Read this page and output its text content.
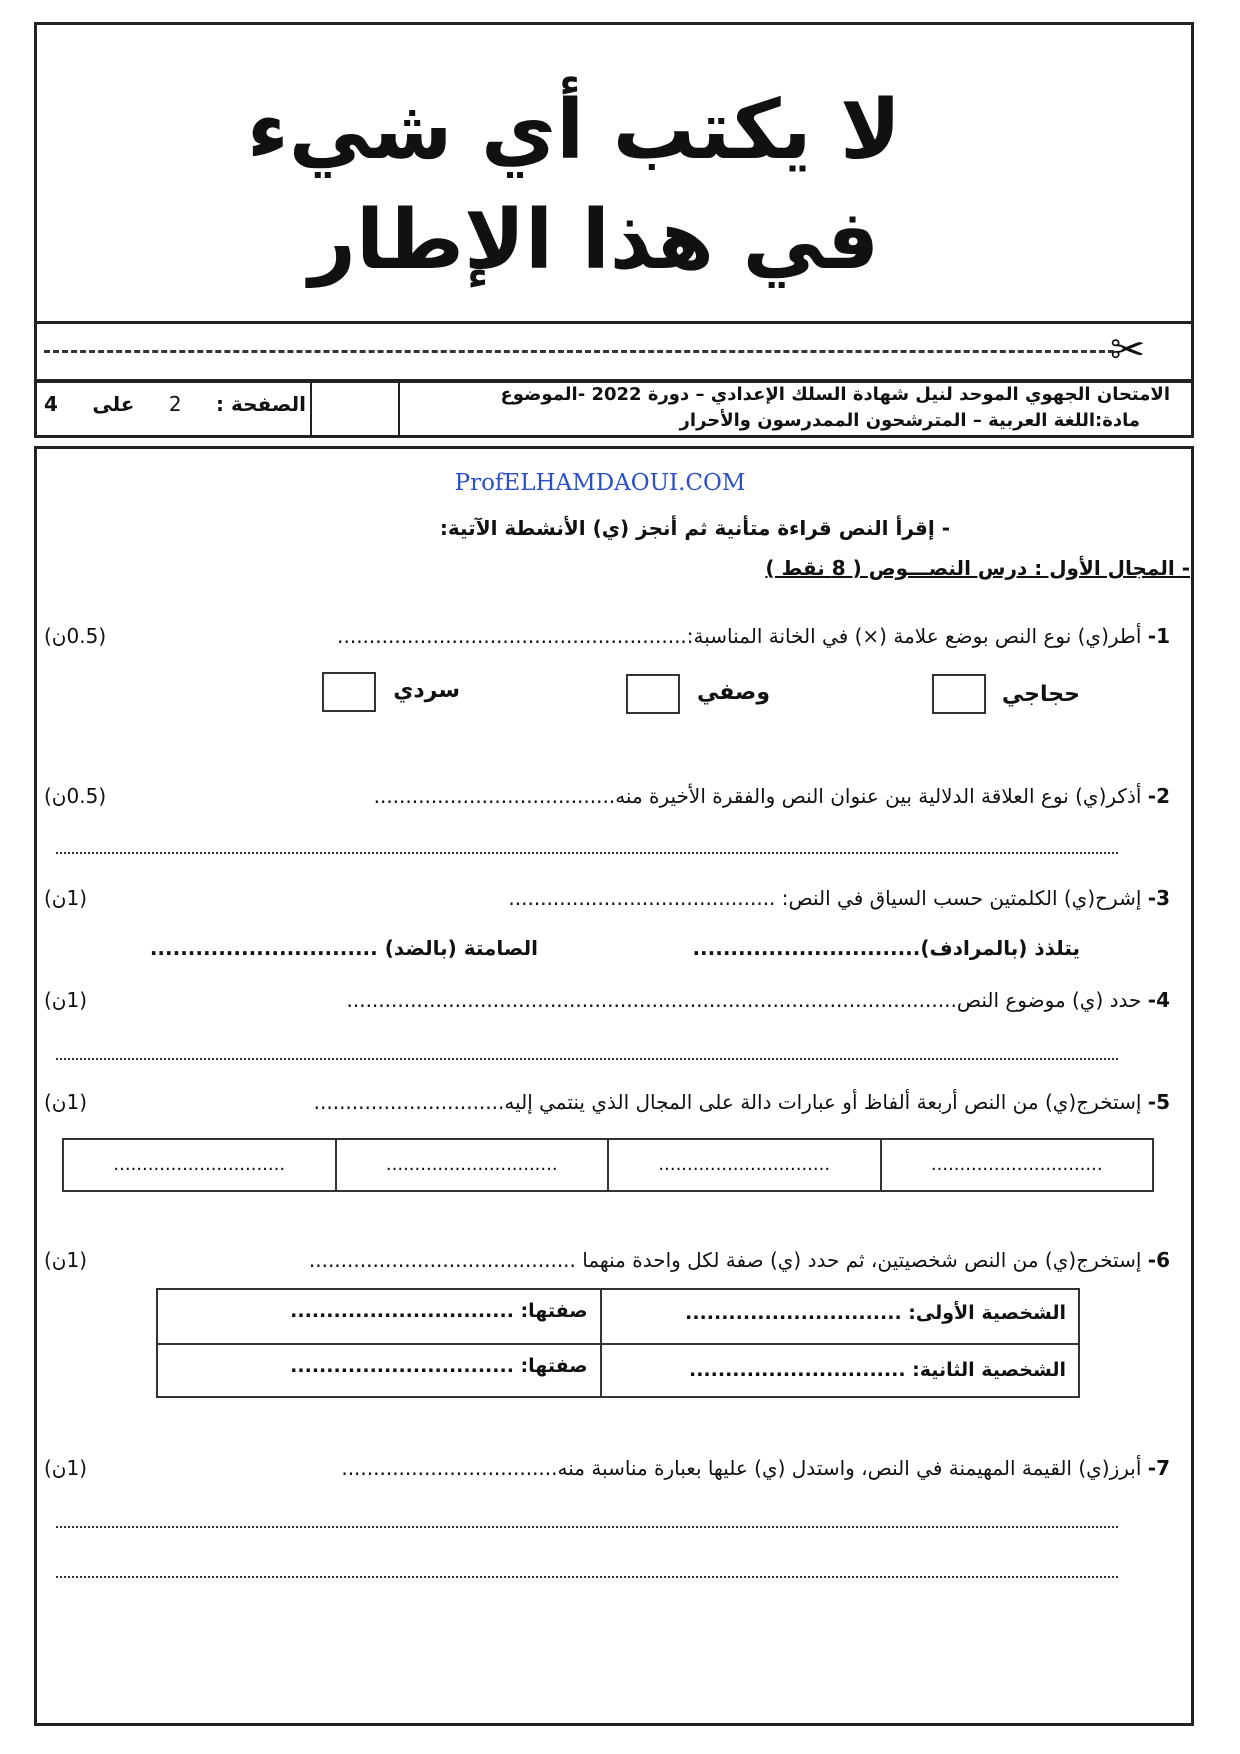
لا يكتب أي شيء
في هذا الإطار
✂
الصفحة :
2
على
4	الامتحان الجهوي الموحد لنيل شهادة السلك الإعدادي – دورة 2022 -الموضوع
مادة:اللغة العربية – المترشحون الممدرسون والأحرار
ProfELHAMDAOUI.COM
- إقرأ النص قراءة متأنية ثم أنجز (ي) الأنشطة الآتية:
- المجال الأول : درس النصـــوص ( 8 نقط )
1- أطر(ي) نوع النص بوضع علامة (×) في الخانة المناسبة:.......................................................
(0.5ن)
حجاجي
وصفي
سردي
2- أذكر(ي) نوع العلاقة الدلالية بين عنوان النص والفقرة الأخيرة منه......................................
(0.5ن)
3- إشرح(ي) الكلمتين حسب السياق في النص: ..........................................
(1ن)
يتلذذ (بالمرادف)..............................
الصامتة (بالضد) ..............................
4- حدد (ي) موضوع النص................................................................................................
(1ن)
5- إستخرج(ي) من النص أربعة ألفاظ أو عبارات دالة على المجال الذي ينتمي إليه..............................
(1ن)
..............................
..............................
..............................
..............................
6- إستخرج(ي) من النص شخصيتين، ثم حدد (ي) صفة لكل واحدة منهما ..........................................
(1ن)
الشخصية الأولى: ..............................
صفتها: ...............................
الشخصية الثانية: ..............................
صفتها: ...............................
7- أبرز(ي) القيمة المهيمنة في النص، واستدل (ي) عليها بعبارة مناسبة منه..................................
(1ن)
